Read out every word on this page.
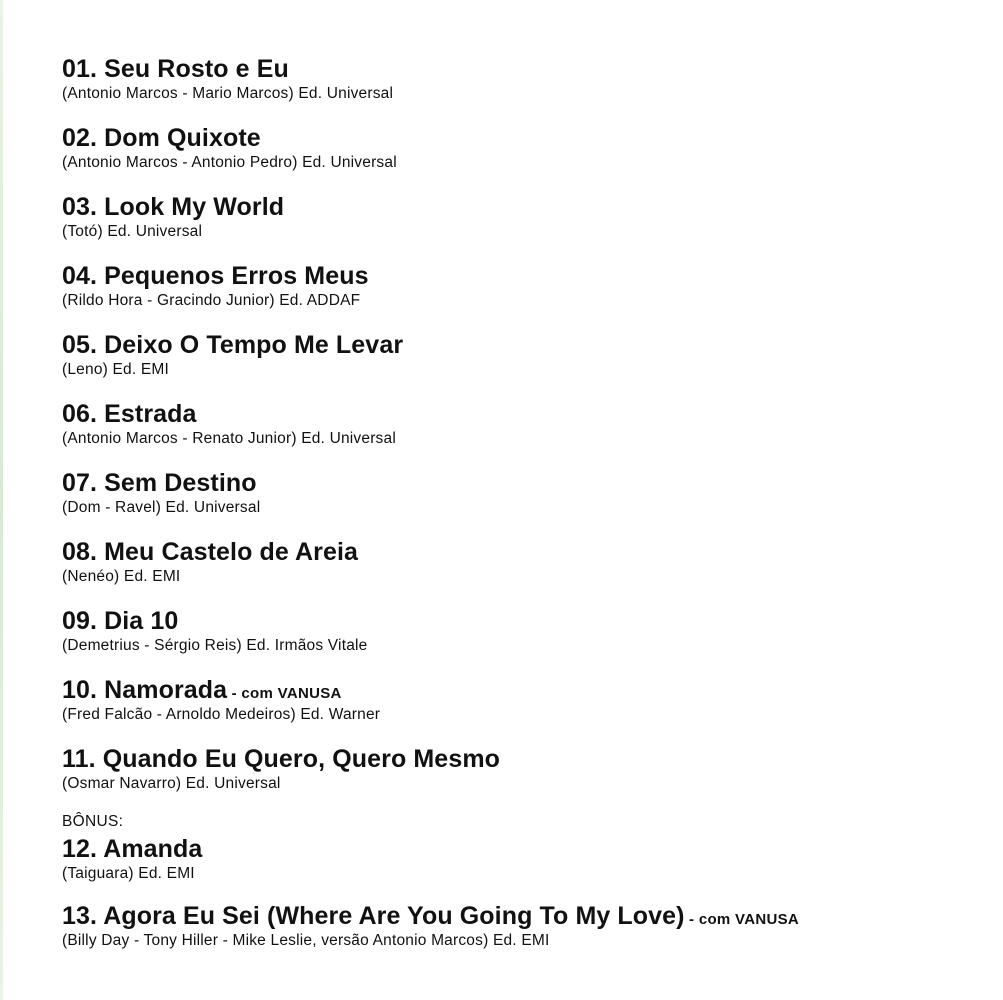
01. Seu Rosto e Eu
(Antonio Marcos - Mario Marcos) Ed. Universal
02. Dom Quixote
(Antonio Marcos - Antonio Pedro) Ed. Universal
03. Look My World
(Totó) Ed. Universal
04. Pequenos Erros Meus
(Rildo Hora - Gracindo Junior) Ed. ADDAF
05. Deixo O Tempo Me Levar
(Leno) Ed. EMI
06. Estrada
(Antonio Marcos - Renato Junior) Ed. Universal
07. Sem Destino
(Dom - Ravel) Ed. Universal
08. Meu Castelo de Areia
(Nenéo) Ed. EMI
09. Dia 10
(Demetrius - Sérgio Reis) Ed. Irmãos Vitale
10. Namorada - com VANUSA
(Fred Falcão - Arnoldo Medeiros) Ed. Warner
11. Quando Eu Quero, Quero Mesmo
(Osmar Navarro) Ed. Universal
BÔNUS:
12. Amanda
(Taiguara) Ed. EMI
13. Agora Eu Sei (Where Are You Going To My Love) - com VANUSA
(Billy Day - Tony Hiller - Mike Leslie, versão Antonio Marcos) Ed. EMI
